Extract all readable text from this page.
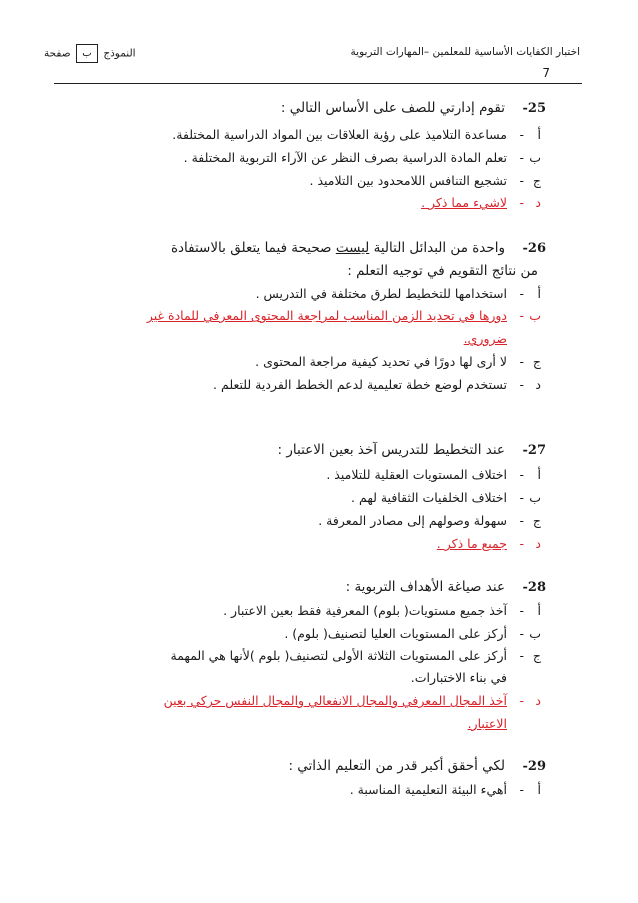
اختبار الكفايات الأساسية للمعلمين –المهارات التربوية
النموذج ب صفحة
7
25-
تقوم إدارتي للصف على الأساس التالي :
أ
-
مساعدة التلاميذ على رؤية العلاقات بين المواد الدراسية المختلفة.
ب
-
تعلم المادة الدراسية بصرف النظر عن الآراء التربوية المختلفة .
ج
-
تشجيع التنافس اللامحدود بين التلاميذ .
د
-
لاشيء مما ذكر .
26-
واحدة من البدائل التالية ليست صحيحة فيما يتعلق بالاستفادة
من نتائج التقويم في توجيه التعلم :
أ
-
استخدامها للتخطيط لطرق مختلفة في التدريس .
ب
-
دورها في تحديد الزمن المناسب لمراجعة المحتوى المعرفي للمادة غير
ضروري.
ج
-
لا أرى لها دورًا في تحديد كيفية مراجعة المحتوى .
د
-
تستخدم لوضع خطة تعليمية لدعم الخطط الفردية للتعلم .
27-
عند التخطيط للتدريس آخذ بعين الاعتبار :
أ
-
اختلاف المستويات العقلية للتلاميذ .
ب
-
اختلاف الخلفيات الثقافية لهم .
ج
-
سهولة وصولهم إلى مصادر المعرفة .
د
-
جميع ما ذكر .
28-
عند صياغة الأهداف التربوية :
أ
-
آخذ جميع مستويات( بلوم) المعرفية فقط بعين الاعتبار .
ب
-
أركز على المستويات العليا لتصنيف( بلوم) .
ج
-
أركز على المستويات الثلاثة الأولى لتصنيف( بلوم )لأنها هي المهمة
في بناء الاختبارات.
د
-
آخذ المجال المعرفي والمجال الانفعالي والمجال النفس حركي بعين
الاعتبار.
29-
لكي أحقق أكبر قدر من التعليم الذاتي :
أ
-
أهيء البيئة التعليمية المناسبة .
